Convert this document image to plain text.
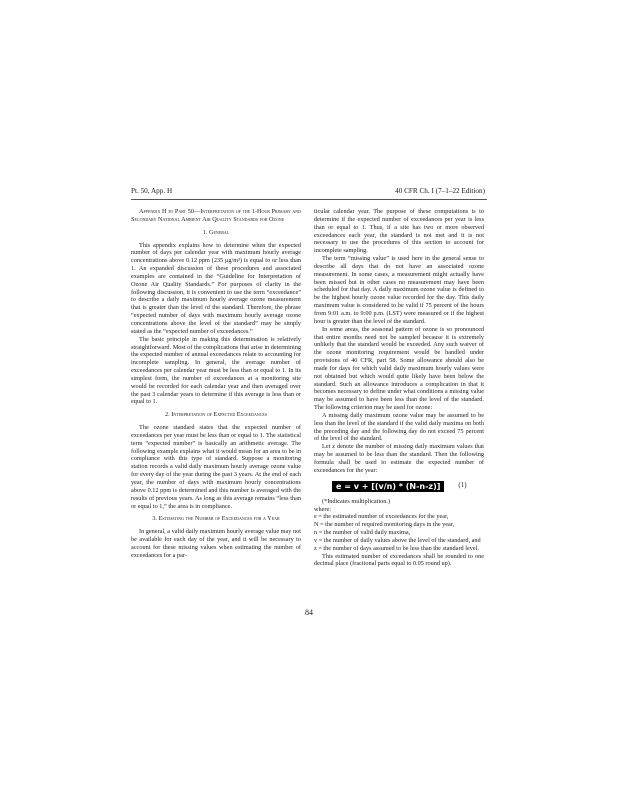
Pt. 50, App. H	40 CFR Ch. I (7–1–22 Edition)

Appendix H to Part 50—Interpretation of the 1-Hour Primary and Secondary National Ambient Air Quality Standards for Ozone

1. General

This appendix explains how to determine when the expected number of days per calendar year with maximum hourly average concentrations above 0.12 ppm (235 μg/m³) is equal to or less than 1. An expanded discussion of these procedures and associated examples are contained in the “Guideline for Interpretation of Ozone Air Quality Standards.” For purposes of clarity in the following discussion, it is convenient to use the term “exceedance” to describe a daily maximum hourly average ozone measurement that is greater than the level of the standard. Therefore, the phrase “expected number of days with maximum hourly average ozone concentrations above the level of the standard” may be simply stated as the “expected number of exceedances.”

The basic principle in making this determination is relatively straightforward. Most of the complications that arise in determining the expected number of annual exceedances relate to accounting for incomplete sampling. In general, the average number of exceedances per calendar year must be less than or equal to 1. In its simplest form, the number of exceedances at a monitoring site would be recorded for each calendar year and then averaged over the past 3 calendar years to determine if this average is less than or equal to 1.

2. Interpretation of Expected Exceedances

The ozone standard states that the expected number of exceedances per year must be less than or equal to 1. The statistical term “expected number” is basically an arithmetic average. The following example explains what it would mean for an area to be in compliance with this type of standard. Suppose a monitoring station records a valid daily maximum hourly average ozone value for every day of the year during the past 3 years. At the end of each year, the number of days with maximum hourly concentrations above 0.12 ppm is determined and this number is averaged with the results of previous years. As long as this average remains “less than or equal to 1,” the area is in compliance.

3. Estimating the Number of Exceedances for a Year

In general, a valid daily maximum hourly average value may not be available for each day of the year, and it will be necessary to account for these missing values when estimating the number of exceedances for a par-

ticular calendar year. The purpose of these computations is to determine if the expected number of exceedances per year is less than or equal to 1. Thus, if a site has two or more observed exceedances each year, the standard is not met and it is not necessary to use the procedures of this section to account for incomplete sampling.

The term “missing value” is used here in the general sense to describe all days that do not have an associated ozone measurement. In some cases, a measurement might actually have been missed but in other cases no measurement may have been scheduled for that day. A daily maximum ozone value is defined to be the highest hourly ozone value recorded for the day. This daily maximum value is considered to be valid if 75 percent of the hours from 9:01 a.m. to 9:00 p.m. (LST) were measured or if the highest hour is greater than the level of the standard.

In some areas, the seasonal pattern of ozone is so pronounced that entire months need not be sampled because it is extremely unlikely that the standard would be exceeded. Any such waiver of the ozone monitoring requirement would be handled under provisions of 40 CFR, part 58. Some allowance should also be made for days for which valid daily maximum hourly values were not obtained but which would quite likely have been below the standard. Such an allowance introduces a complication in that it becomes necessary to define under what conditions a missing value may be assumed to have been less than the level of the standard. The following criterion may be used for ozone:

A missing daily maximum ozone value may be assumed to be less than the level of the standard if the valid daily maxima on both the preceding day and the following day do not exceed 75 percent of the level of the standard.

Let z denote the number of missing daily maximum values that may be assumed to be less than the standard. Then the following formula shall be used to estimate the expected number of exceedances for the year:

e = v + [(v/n) * (N-n-z)]	(1)

(*Indicates multiplication.)

where:

e = the estimated number of exceedances for the year,

N = the number of required monitoring days in the year,

n = the number of valid daily maxima,

v = the number of daily values above the level of the standard, and

z = the number of days assumed to be less than the standard level.

This estimated number of exceedances shall be rounded to one decimal place (fractional parts equal to 0.05 round up).

84
